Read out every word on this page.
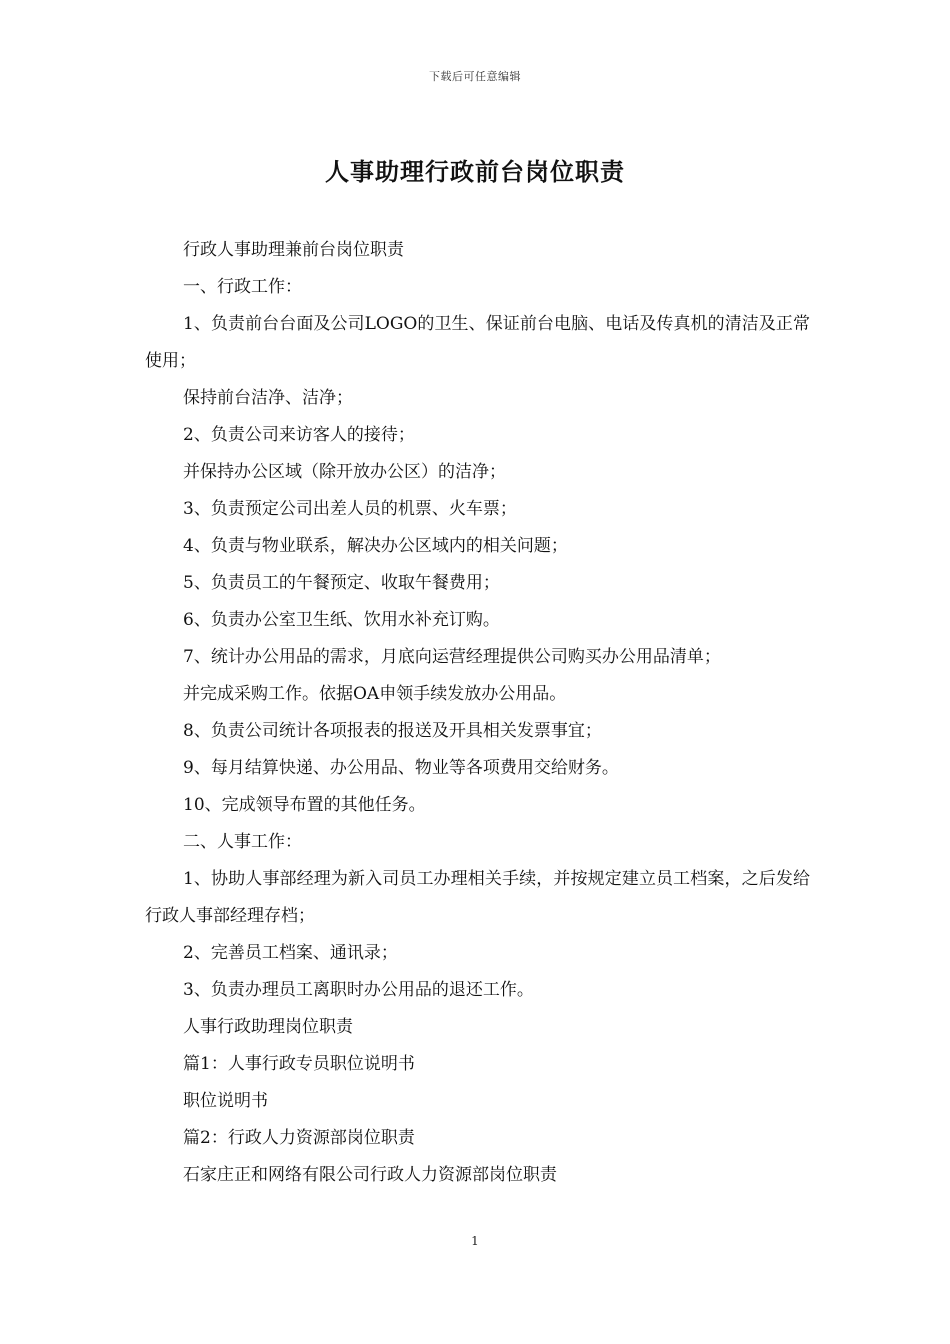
下载后可任意编辑
人事助理行政前台岗位职责

行政人事助理兼前台岗位职责

一、行政工作：

1、负责前台台面及公司LOGO的卫生、保证前台电脑、电话及传真机的清洁及正常使用；

保持前台洁净、洁净；

2、负责公司来访客人的接待；

并保持办公区域（除开放办公区）的洁净；

3、负责预定公司出差人员的机票、火车票；

4、负责与物业联系，解决办公区域内的相关问题；

5、负责员工的午餐预定、收取午餐费用；

6、负责办公室卫生纸、饮用水补充订购。

7、统计办公用品的需求，月底向运营经理提供公司购买办公用品清单；

并完成采购工作。依据OA申领手续发放办公用品。

8、负责公司统计各项报表的报送及开具相关发票事宜；

9、每月结算快递、办公用品、物业等各项费用交给财务。

10、完成领导布置的其他任务。

二、人事工作：

1、协助人事部经理为新入司员工办理相关手续，并按规定建立员工档案，之后发给行政人事部经理存档；

2、完善员工档案、通讯录；

3、负责办理员工离职时办公用品的退还工作。

人事行政助理岗位职责

篇1：人事行政专员职位说明书

职位说明书

篇2：行政人力资源部岗位职责

石家庄正和网络有限公司行政人力资源部岗位职责

1
